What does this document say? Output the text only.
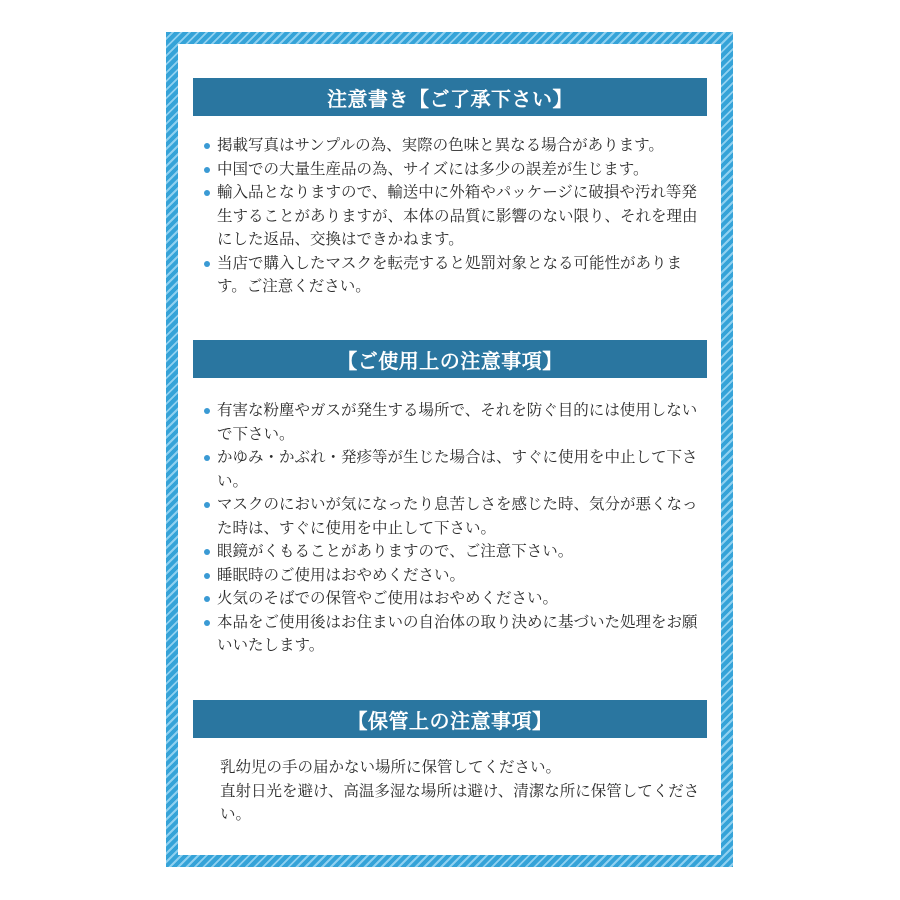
注意書き【ご了承下さい】
掲載写真はサンプルの為、実際の色味と異なる場合があります。
中国での大量生産品の為、サイズには多少の誤差が生じます。
輸入品となりますので、輸送中に外箱やパッケージに破損や汚れ等発生することがありますが、本体の品質に影響のない限り、それを理由にした返品、交換はできかねます。
当店で購入したマスクを転売すると処罰対象となる可能性があります。ご注意ください。
【ご使用上の注意事項】
有害な粉塵やガスが発生する場所で、それを防ぐ目的には使用しないで下さい。
かゆみ・かぶれ・発疹等が生じた場合は、すぐに使用を中止して下さい。
マスクのにおいが気になったり息苦しさを感じた時、気分が悪くなった時は、すぐに使用を中止して下さい。
眼鏡がくもることがありますので、ご注意下さい。
睡眠時のご使用はおやめください。
火気のそばでの保管やご使用はおやめください。
本品をご使用後はお住まいの自治体の取り決めに基づいた処理をお願いいたします。
【保管上の注意事項】

乳幼児の手の届かない場所に保管してください。

直射日光を避け、高温多湿な場所は避け、清潔な所に保管してください。
